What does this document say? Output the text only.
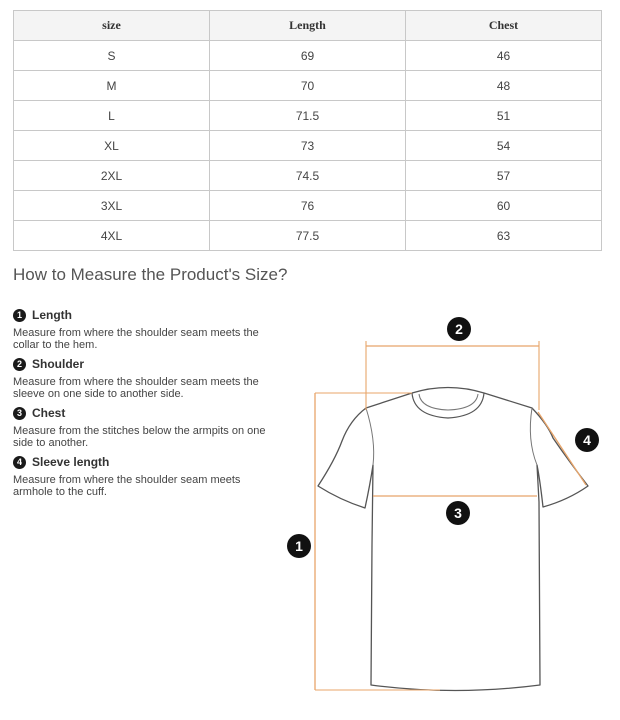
size	Length	Chest
S	69	46
M	70	48
L	71.5	51
XL	73	54
2XL	74.5	57
3XL	76	60
4XL	77.5	63
How to Measure the Product's Size?
1 Length
Measure from where the shoulder seam meets the collar to the hem.
2 Shoulder
Measure from where the shoulder seam meets the sleeve on one side to another side.
3 Chest
Measure from the stitches below the armpits on one side to another.
4 Sleeve length
Measure from where the shoulder seam meets armhole to the cuff.
1
2
3
4
